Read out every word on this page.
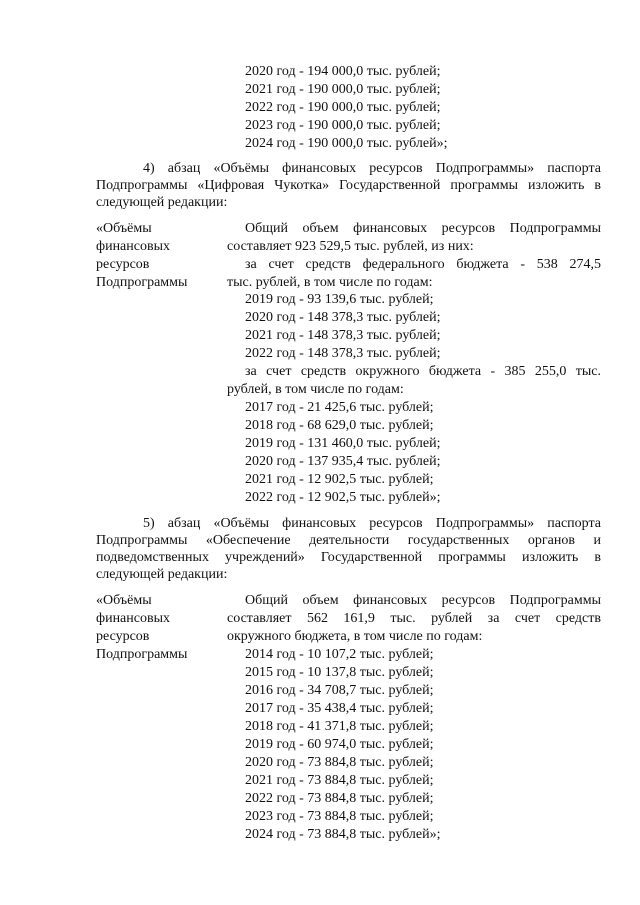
2020 год - 194 000,0 тыс. рублей;
2021 год - 190 000,0 тыс. рублей;
2022 год - 190 000,0 тыс. рублей;
2023 год - 190 000,0 тыс. рублей;
2024 год - 190 000,0 тыс. рублей»;
4) абзац «Объёмы финансовых ресурсов Подпрограммы» паспорта
Подпрограммы «Цифровая Чукотка» Государственной программы изложить в
следующей редакции:
«Объёмы
финансовых
ресурсов
Подпрограммы
Общий объем финансовых ресурсов Подпрограммы
составляет 923 529,5 тыс. рублей, из них:
за счет средств федерального бюджета - 538 274,5
тыс. рублей, в том числе по годам:
2019 год - 93 139,6 тыс. рублей;
2020 год - 148 378,3 тыс. рублей;
2021 год - 148 378,3 тыс. рублей;
2022 год - 148 378,3 тыс. рублей;
за счет средств окружного бюджета - 385 255,0 тыс.
рублей, в том числе по годам:
2017 год - 21 425,6 тыс. рублей;
2018 год - 68 629,0 тыс. рублей;
2019 год - 131 460,0 тыс. рублей;
2020 год - 137 935,4 тыс. рублей;
2021 год - 12 902,5 тыс. рублей;
2022 год - 12 902,5 тыс. рублей»;
5) абзац «Объёмы финансовых ресурсов Подпрограммы» паспорта
Подпрограммы «Обеспечение деятельности государственных органов и
подведомственных учреждений» Государственной программы изложить в
следующей редакции:
«Объёмы
финансовых
ресурсов
Подпрограммы
Общий объем финансовых ресурсов Подпрограммы
составляет 562 161,9 тыс. рублей за счет средств
окружного бюджета, в том числе по годам:
2014 год - 10 107,2 тыс. рублей;
2015 год - 10 137,8 тыс. рублей;
2016 год - 34 708,7 тыс. рублей;
2017 год - 35 438,4 тыс. рублей;
2018 год - 41 371,8 тыс. рублей;
2019 год - 60 974,0 тыс. рублей;
2020 год - 73 884,8 тыс. рублей;
2021 год - 73 884,8 тыс. рублей;
2022 год - 73 884,8 тыс. рублей;
2023 год - 73 884,8 тыс. рублей;
2024 год - 73 884,8 тыс. рублей»;
